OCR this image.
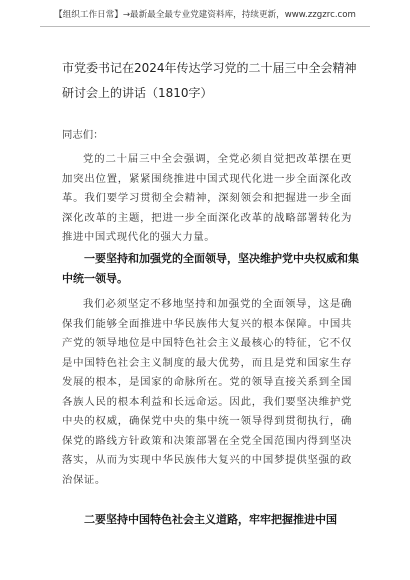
【组织工作日常】→最新最全最专业党建资料库，持续更新，www.zzgzrc.com
市党委书记在2024年传达学习党的二十届三中全会精神研讨会上的讲话（1810字）
同志们：

党的二十届三中全会强调，全党必须自觉把改革摆在更加突出位置，紧紧围绕推进中国式现代化进一步全面深化改革。我们要学习贯彻全会精神，深刻领会和把握进一步全面深化改革的主题，把进一步全面深化改革的战略部署转化为推进中国式现代化的强大力量。

一要坚持和加强党的全面领导，坚决维护党中央权威和集中统一领导。

我们必须坚定不移地坚持和加强党的全面领导，这是确保我们能够全面推进中华民族伟大复兴的根本保障。中国共产党的领导地位是中国特色社会主义最核心的特征，它不仅是中国特色社会主义制度的最大优势，而且是党和国家生存发展的根本，是国家的命脉所在。党的领导直接关系到全国各族人民的根本利益和长远命运。因此，我们要坚决维护党中央的权威，确保党中央的集中统一领导得到贯彻执行，确保党的路线方针政策和决策部署在全党全国范围内得到坚决落实，从而为实现中华民族伟大复兴的中国梦提供坚强的政治保证。

二要坚持中国特色社会主义道路，牢牢把握推进中国
